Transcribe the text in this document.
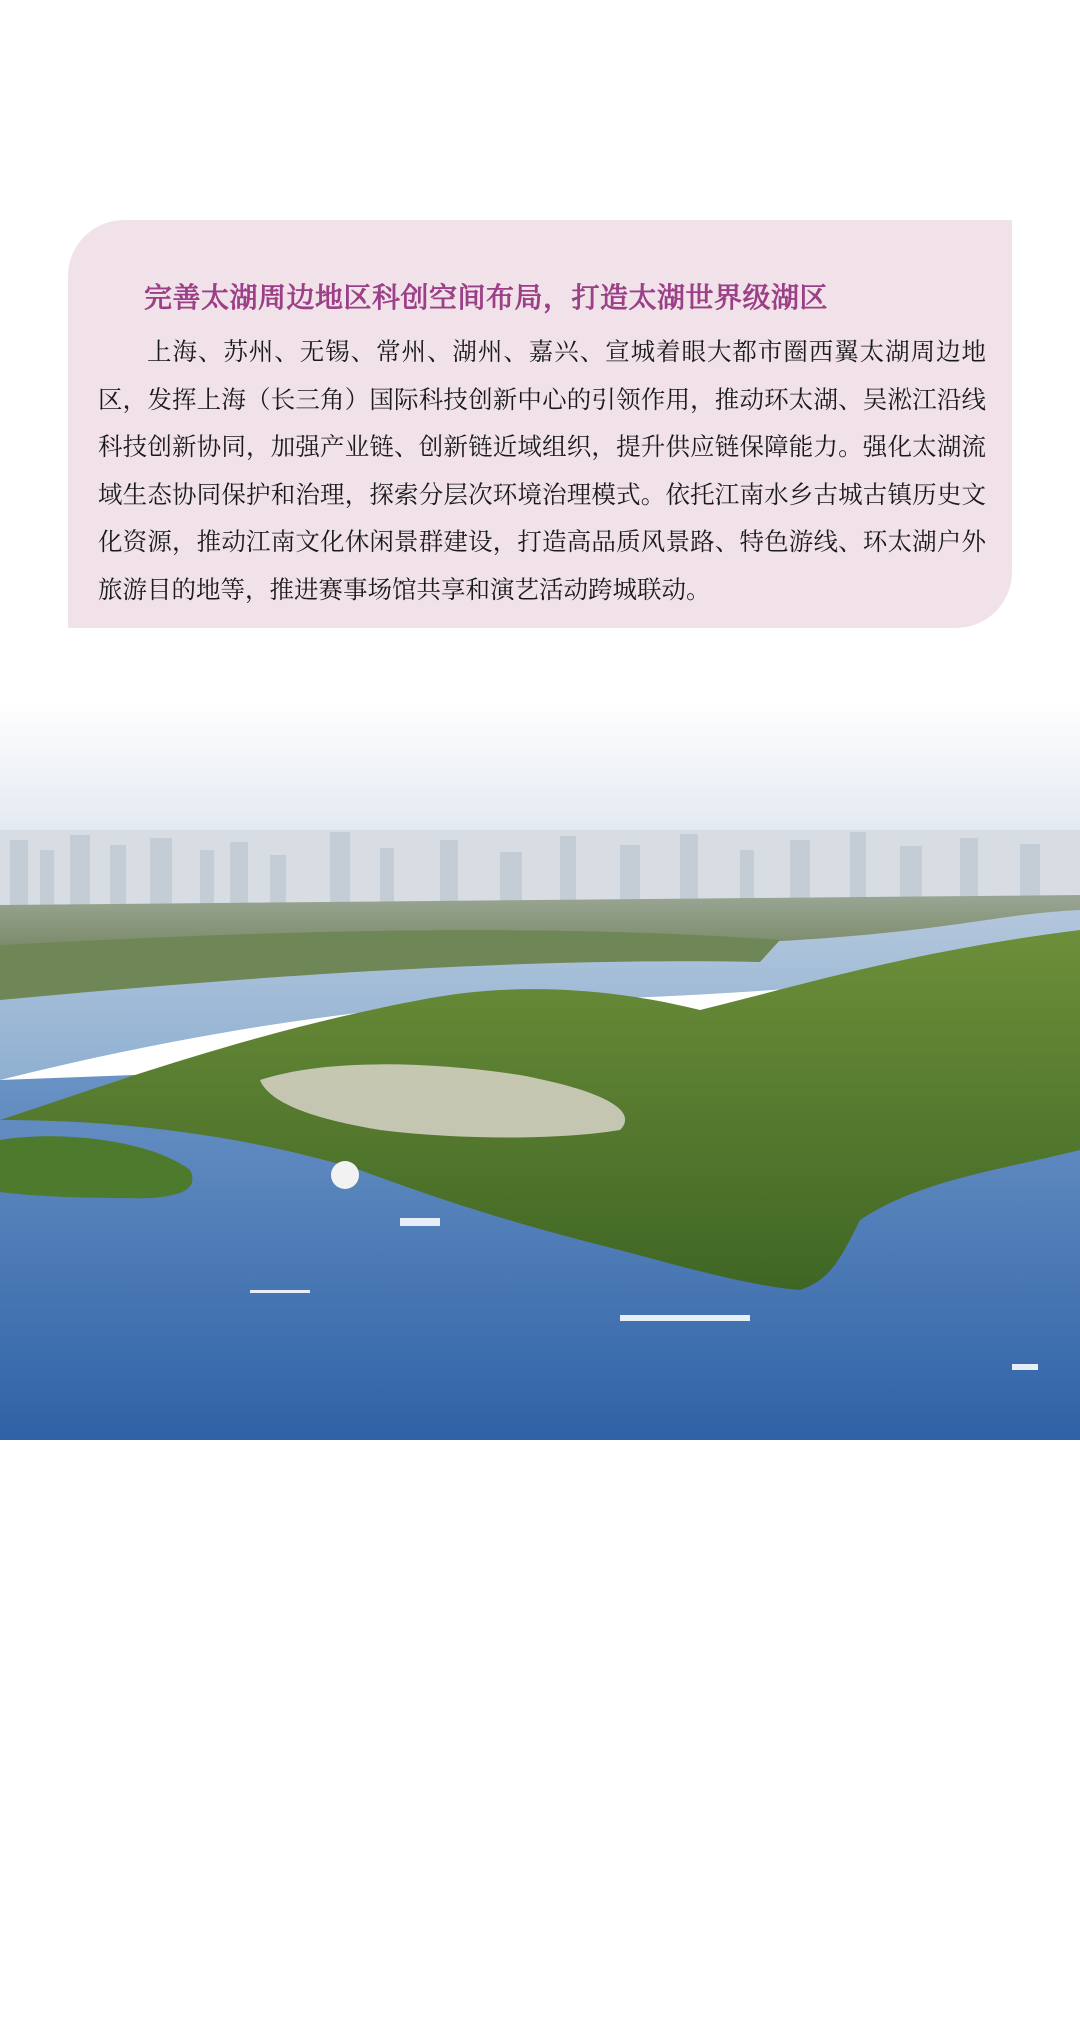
完善太湖周边地区科创空间布局，打造太湖世界级湖区

上海、苏州、无锡、常州、湖州、嘉兴、宣城着眼大都市圈西翼太湖周边地区，发挥上海（长三角）国际科技创新中心的引领作用，推动环太湖、吴淞江沿线科技创新协同，加强产业链、创新链近域组织，提升供应链保障能力。强化太湖流域生态协同保护和治理，探索分层次环境治理模式。依托江南水乡古城古镇历史文化资源，推动江南文化休闲景群建设，打造高品质风景路、特色游线、环太湖户外旅游目的地等，推进赛事场馆共享和演艺活动跨城联动。

太湖
